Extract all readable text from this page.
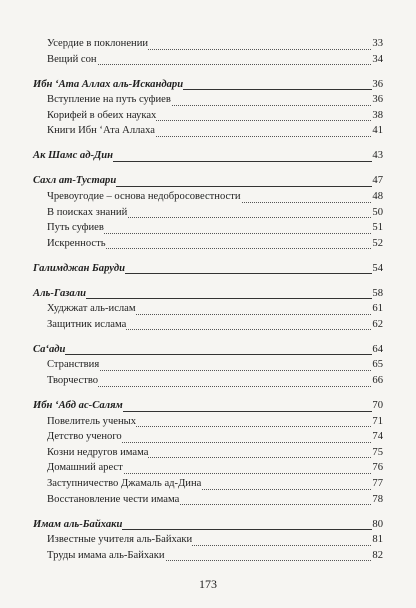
Усердие в поклонении	33
Вещий сон	34
Ибн ‘Ата Аллах аль-Искандари	36
Вступление на путь суфиев	36
Корифей в обеих науках	38
Книги Ибн ‘Ата Аллаха	41
Ак Шамс ад-Дин	43
Сахл ат-Тустари	47
Чревоугодие – основа недобросовестности	48
В поисках знаний	50
Путь суфиев	51
Искренность	52
Галимджан Баруди	54
Аль-Газали	58
Худжжат аль-ислам	61
Защитник ислама	62
Са‘ади	64
Странствия	65
Творчество	66
Ибн ‘Абд ас-Салям	70
Повелитель ученых	71
Детство ученого	74
Козни недругов имама	75
Домашний арест	76
Заступничество Джамаль ад-Дина	77
Восстановление чести имама	78
Имам аль-Байхаки	80
Известные учителя аль-Байхаки	81
Труды имама аль-Байхаки	82
173
